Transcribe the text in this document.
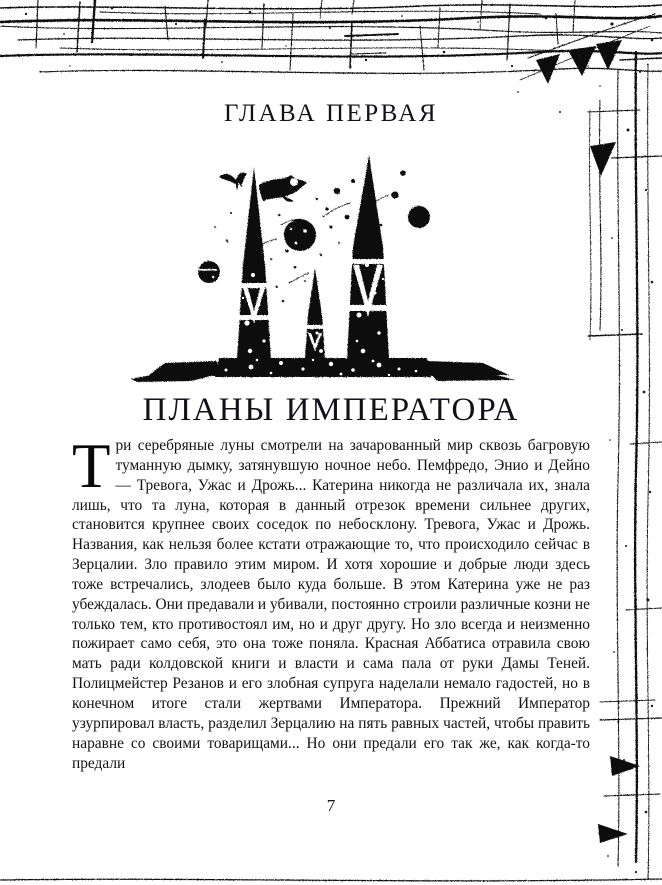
ГЛАВА ПЕРВАЯ
ПЛАНЫ ИМПЕРАТОРА
Т ри серебряные луны смотрели на зачарованный мир сквозь багровую туманную дымку, затянувшую ночное небо. Пемфредо, Энио и Дейно — Тревога, Ужас и Дрожь... Катерина никогда не различала их, знала лишь, что та луна, которая в данный отрезок времени сильнее других, становится крупнее своих соседок по небосклону. Тревога, Ужас и Дрожь. Названия, как нельзя более кстати отражающие то, что происходило сейчас в Зерцалии. Зло правило этим миром. И хотя хорошие и добрые люди здесь тоже встречались, злодеев было куда больше. В этом Катерина уже не раз убеждалась. Они предавали и убивали, постоянно строили различные козни не только тем, кто противостоял им, но и друг другу. Но зло всегда и неизменно пожирает само себя, это она тоже поняла. Красная Аббатиса отравила свою мать ради колдовской книги и власти и сама пала от руки Дамы Теней. Полицмейстер Резанов и его злобная супруга наделали немало гадостей, но в конечном итоге стали жертвами Императора. Прежний Император узурпировал власть, разделил Зерцалию на пять равных частей, чтобы править наравне со своими товарищами... Но они предали его так же, как когда-то предали

7
